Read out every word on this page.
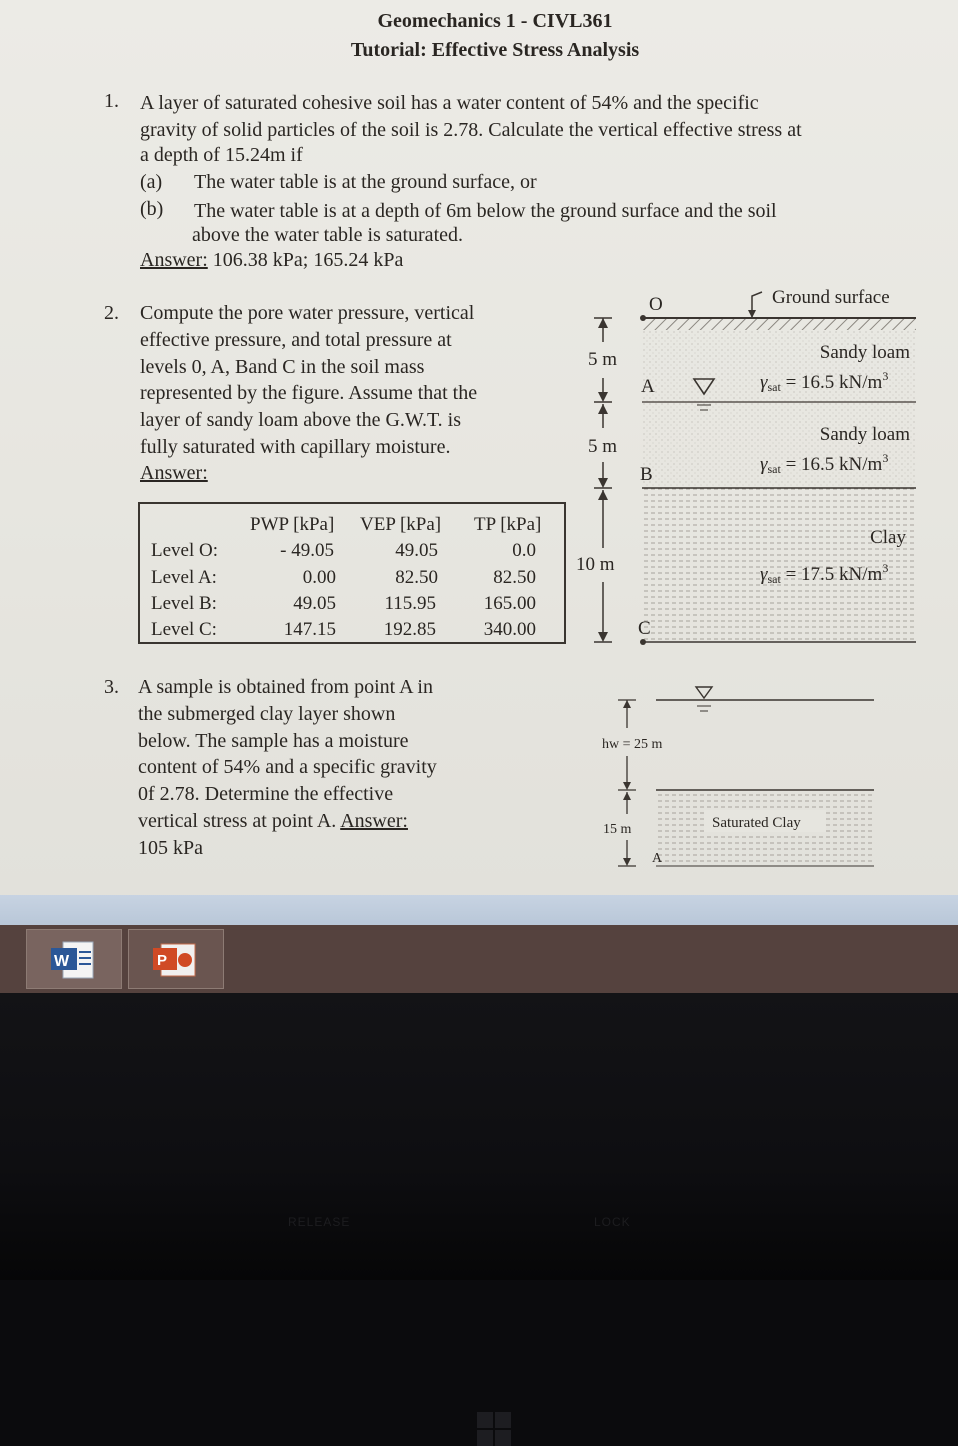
Geomechanics 1 - CIVL361
Tutorial: Effective Stress Analysis
1. A layer of saturated cohesive soil has a water content of 54% and the specific
gravity of solid particles of the soil is 2.78. Calculate the vertical effective stress at
a depth of 15.24m if
(a) The water table is at the ground surface, or
(b) The water table is at a depth of 6m below the ground surface and the soil
above the water table is saturated.
Answer: 106.38 kPa; 165.24 kPa
2. Compute the pore water pressure, vertical
effective pressure, and total pressure at
levels 0, A, Band C in the soil mass
represented by the figure. Assume that the
layer of sandy loam above the G.W.T. is
fully saturated with capillary moisture.
Answer:
PWP [kPa] VEP [kPa] TP [kPa]
Level O:	- 49.05	49.05	0.0
Level A:	0.00	82.50	82.50
Level B:	49.05	115.95	165.00
Level C:	147.15	192.85	340.00
3. A sample is obtained from point A in
the submerged clay layer shown
below. The sample has a moisture
content of 54% and a specific gravity
0f 2.78. Determine the effective
vertical stress at point A. Answer:
105 kPa
Ground surface
O
A
B
C
Sandy loam
γsat = 16.5 $kN/m^3$
Sandy loam
γsat = 16.5 $kN/m^3$
Clay
γsat = 17.5 $kN/m^3$
5 m
5 m
10 m
Saturated Clay
A
hw = 25 m
15 m
W	P
RELEASE	LOCK
